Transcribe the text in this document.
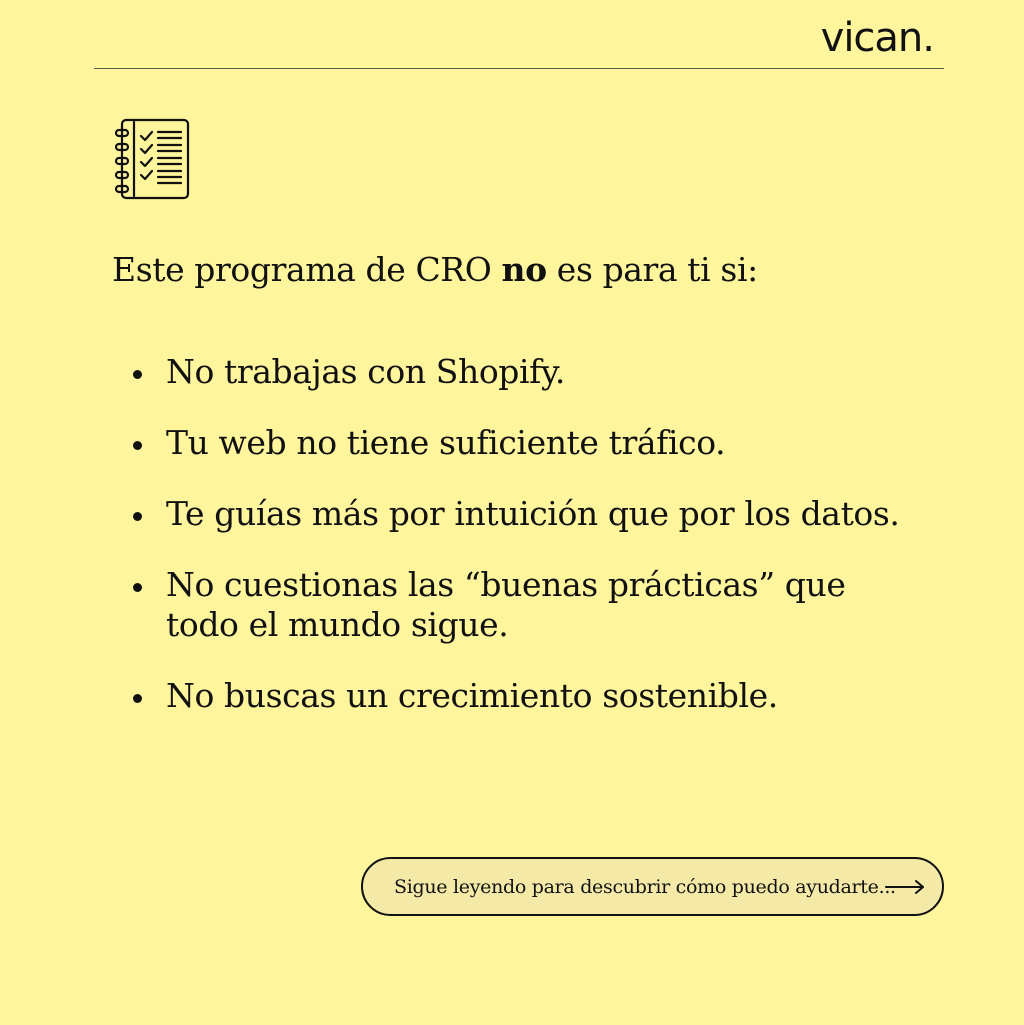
vican.
Este programa de CRO no es para ti si:
No trabajas con Shopify.
Tu web no tiene suficiente tráfico.
Te guías más por intuición que por los datos.
No cuestionas las “buenas prácticas” que todo el mundo sigue.
No buscas un crecimiento sostenible.
Sigue leyendo para descubrir cómo puedo ayudarte...
